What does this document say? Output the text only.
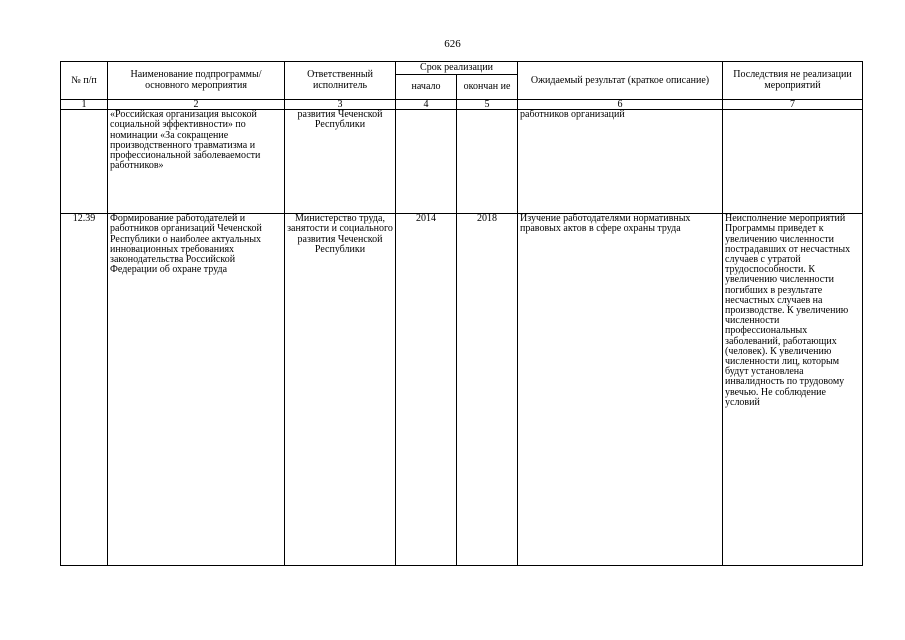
626
№ п/п	Наименование подпрограммы/ основного мероприятия	Ответственный исполнитель	Срок реализации		Ожидаемый результат (краткое описание)	Последствия не реализации мероприятий
			начало	окончан ие		
1	2	3	4	5	6	7
	«Российская организация высокой социальной эффективности» по номинации «За сокращение производственного травматизма и профессиональной заболеваемости работников»	развития Чеченской Республики			работников организаций	
12.39	Формирование работодателей и работников организаций Чеченской Республики о наиболее актуальных инновационных требованиях законодательства Российской Федерации об охране труда	Министерство труда, занятости и социального развития Чеченской Республики	2014	2018	Изучение работодателями нормативных правовых актов в сфере охраны труда	Неисполнение мероприятий Программы приведет к увеличению численности пострадавших от несчастных случаев с утратой трудоспособности. К увеличению численности погибших в результате несчастных случаев на производстве. К увеличению численности профессиональных заболеваний, работающих (человек). К увеличению численности лиц, которым будут установлена инвалидность по трудовому увечью. Не соблюдение условий
